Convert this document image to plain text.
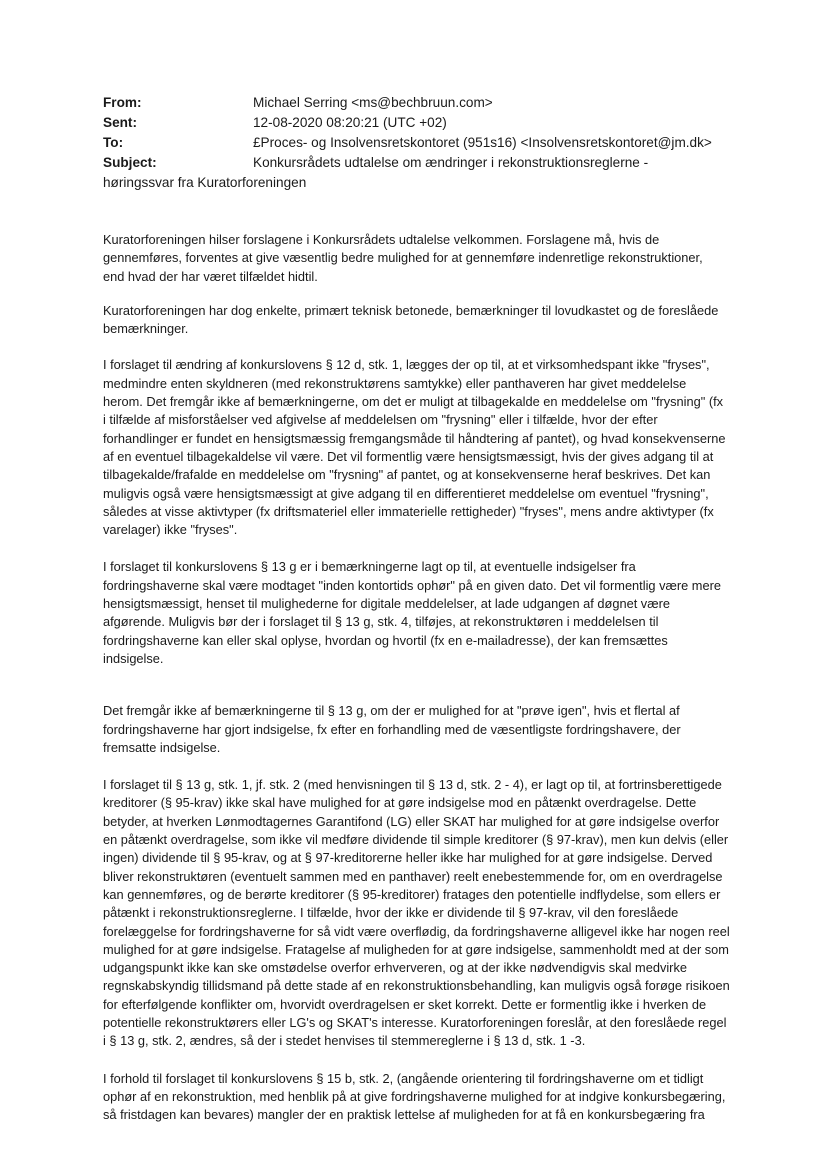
From:	Michael Serring <ms@bechbruun.com>
Sent:	12-08-2020 08:20:21 (UTC +02)
To:	£Proces- og Insolvensretskontoret (951s16) <Insolvensretskontoret@jm.dk>
Subject:	Konkursrådets udtalelse om ændringer i rekonstruktionsreglerne -
høringssvar fra Kuratorforeningen

Kuratorforeningen hilser forslagene i Konkursrådets udtalelse velkommen. Forslagene må, hvis de
gennemføres, forventes at give væsentlig bedre mulighed for at gennemføre indenretlige rekonstruktioner,
end hvad der har været tilfældet hidtil.

Kuratorforeningen har dog enkelte, primært teknisk betonede, bemærkninger til lovudkastet og de foreslåede
bemærkninger.

I forslaget til ændring af konkurslovens § 12 d, stk. 1, lægges der op til, at et virksomhedspant ikke "fryses",
medmindre enten skyldneren (med rekonstruktørens samtykke) eller panthaveren har givet meddelelse
herom. Det fremgår ikke af bemærkningerne, om det er muligt at tilbagekalde en meddelelse om "frysning" (fx
i tilfælde af misforståelser ved afgivelse af meddelelsen om "frysning" eller i tilfælde, hvor der efter
forhandlinger er fundet en hensigtsmæssig fremgangsmåde til håndtering af pantet), og hvad konsekvenserne
af en eventuel tilbagekaldelse vil være. Det vil formentlig være hensigtsmæssigt, hvis der gives adgang til at
tilbagekalde/frafalde en meddelelse om "frysning" af pantet, og at konsekvenserne heraf beskrives. Det kan
muligvis også være hensigtsmæssigt at give adgang til en differentieret meddelelse om eventuel "frysning",
således at visse aktivtyper (fx driftsmateriel eller immaterielle rettigheder) "fryses", mens andre aktivtyper (fx
varelager) ikke "fryses".

I forslaget til konkurslovens § 13 g er i bemærkningerne lagt op til, at eventuelle indsigelser fra
fordringshaverne skal være modtaget "inden kontortids ophør" på en given dato. Det vil formentlig være mere
hensigtsmæssigt, henset til mulighederne for digitale meddelelser, at lade udgangen af døgnet være
afgørende. Muligvis bør der i forslaget til § 13 g, stk. 4, tilføjes, at rekonstruktøren i meddelelsen til
fordringshaverne kan eller skal oplyse, hvordan og hvortil (fx en e-mailadresse), der kan fremsættes indsigelse.

Det fremgår ikke af bemærkningerne til § 13 g, om der er mulighed for at "prøve igen", hvis et flertal af
fordringshaverne har gjort indsigelse, fx efter en forhandling med de væsentligste fordringshavere, der
fremsatte indsigelse.

I forslaget til § 13 g, stk. 1, jf. stk. 2 (med henvisningen til § 13 d, stk. 2 - 4), er lagt op til, at fortrinsberettigede
kreditorer (§ 95-krav) ikke skal have mulighed for at gøre indsigelse mod en påtænkt overdragelse. Dette
betyder, at hverken Lønmodtagernes Garantifond (LG) eller SKAT har mulighed for at gøre indsigelse overfor
en påtænkt overdragelse, som ikke vil medføre dividende til simple kreditorer (§ 97-krav), men kun delvis (eller
ingen) dividende til § 95-krav, og at § 97-kreditorerne heller ikke har mulighed for at gøre indsigelse. Derved
bliver rekonstruktøren (eventuelt sammen med en panthaver) reelt enebestemmende for, om en overdragelse
kan gennemføres, og de berørte kreditorer (§ 95-kreditorer) fratages den potentielle indflydelse, som ellers er
påtænkt i rekonstruktionsreglerne. I tilfælde, hvor der ikke er dividende til § 97-krav, vil den foreslåede
forelæggelse for fordringshaverne for så vidt være overflødig, da fordringshaverne alligevel ikke har nogen reel
mulighed for at gøre indsigelse. Fratagelse af muligheden for at gøre indsigelse, sammenholdt med at der som
udgangspunkt ikke kan ske omstødelse overfor erhververen, og at der ikke nødvendigvis skal medvirke
regnskabskyndig tillidsmand på dette stade af en rekonstruktionsbehandling, kan muligvis også forøge risikoen
for efterfølgende konflikter om, hvorvidt overdragelsen er sket korrekt. Dette er formentlig ikke i hverken de
potentielle rekonstruktørers eller LG's og SKAT's interesse. Kuratorforeningen foreslår, at den foreslåede regel
i § 13 g, stk. 2, ændres, så der i stedet henvises til stemmereglerne i § 13 d, stk. 1 -3.

I forhold til forslaget til konkurslovens § 15 b, stk. 2, (angående orientering til fordringshaverne om et tidligt
ophør af en rekonstruktion, med henblik på at give fordringshaverne mulighed for at indgive konkursbegæring,
så fristdagen kan bevares) mangler der en praktisk lettelse af muligheden for at få en konkursbegæring fra
